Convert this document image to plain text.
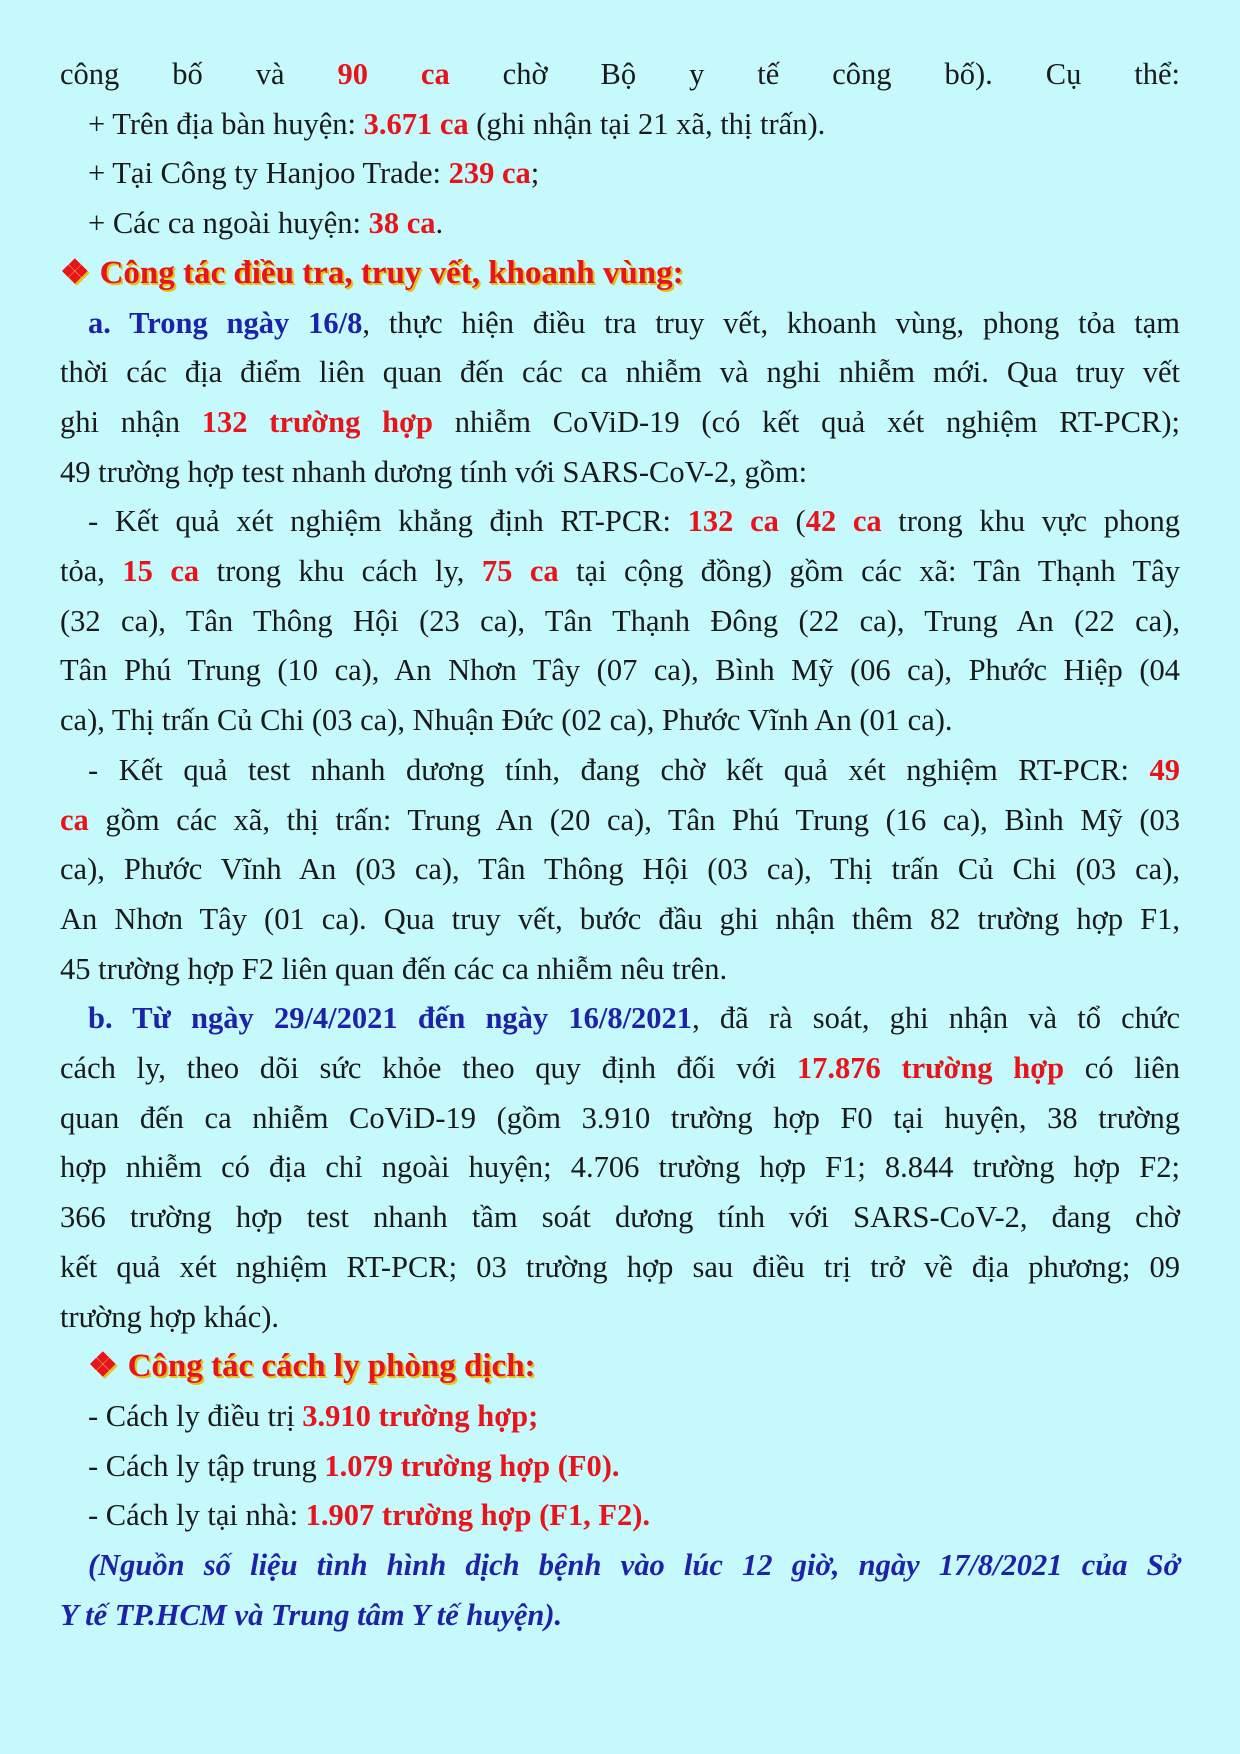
công bố và 90 ca chờ Bộ y tế công bố). Cụ thể:
+ Trên địa bàn huyện: 3.671 ca (ghi nhận tại 21 xã, thị trấn).
+ Tại Công ty Hanjoo Trade: 239 ca;
+ Các ca ngoài huyện: 38 ca.
❖ Công tác điều tra, truy vết, khoanh vùng:
a. Trong ngày 16/8, thực hiện điều tra truy vết, khoanh vùng, phong tỏa tạm
thời các địa điểm liên quan đến các ca nhiễm và nghi nhiễm mới. Qua truy vết
ghi nhận 132 trường hợp nhiễm CoViD-19 (có kết quả xét nghiệm RT-PCR);
49 trường hợp test nhanh dương tính với SARS-CoV-2, gồm:
- Kết quả xét nghiệm khẳng định RT-PCR: 132 ca (42 ca trong khu vực phong
tỏa, 15 ca trong khu cách ly, 75 ca tại cộng đồng) gồm các xã: Tân Thạnh Tây
(32 ca), Tân Thông Hội (23 ca), Tân Thạnh Đông (22 ca), Trung An (22 ca),
Tân Phú Trung (10 ca), An Nhơn Tây (07 ca), Bình Mỹ (06 ca), Phước Hiệp (04
ca), Thị trấn Củ Chi (03 ca), Nhuận Đức (02 ca), Phước Vĩnh An (01 ca).
- Kết quả test nhanh dương tính, đang chờ kết quả xét nghiệm RT-PCR: 49
ca gồm các xã, thị trấn: Trung An (20 ca), Tân Phú Trung (16 ca), Bình Mỹ (03
ca), Phước Vĩnh An (03 ca), Tân Thông Hội (03 ca), Thị trấn Củ Chi (03 ca),
An Nhơn Tây (01 ca). Qua truy vết, bước đầu ghi nhận thêm 82 trường hợp F1,
45 trường hợp F2 liên quan đến các ca nhiễm nêu trên.
b. Từ ngày 29/4/2021 đến ngày 16/8/2021, đã rà soát, ghi nhận và tổ chức
cách ly, theo dõi sức khỏe theo quy định đối với 17.876 trường hợp có liên
quan đến ca nhiễm CoViD-19 (gồm 3.910 trường hợp F0 tại huyện, 38 trường
hợp nhiễm có địa chỉ ngoài huyện; 4.706 trường hợp F1; 8.844 trường hợp F2;
366 trường hợp test nhanh tầm soát dương tính với SARS-CoV-2, đang chờ
kết quả xét nghiệm RT-PCR; 03 trường hợp sau điều trị trở về địa phương; 09
trường hợp khác).
❖ Công tác cách ly phòng dịch:
- Cách ly điều trị 3.910 trường hợp;
- Cách ly tập trung 1.079 trường hợp (F0).
- Cách ly tại nhà: 1.907 trường hợp (F1, F2).
(Nguồn số liệu tình hình dịch bệnh vào lúc 12 giờ, ngày 17/8/2021 của Sở
Y tế TP.HCM và Trung tâm Y tế huyện).
